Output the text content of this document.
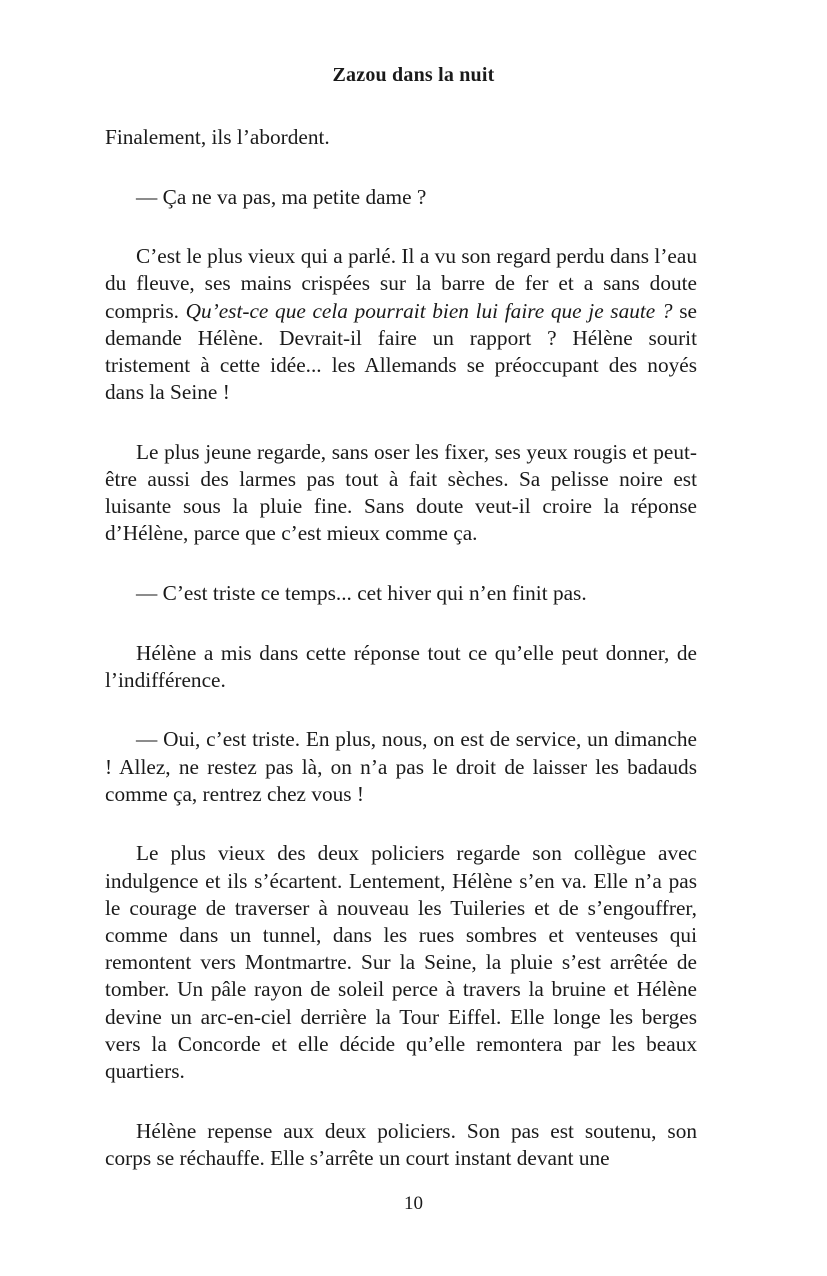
Zazou dans la nuit

Finalement, ils l’abordent.

— Ça ne va pas, ma petite dame ?

C’est le plus vieux qui a parlé. Il a vu son regard perdu dans l’eau du fleuve, ses mains crispées sur la barre de fer et a sans doute compris. Qu’est-ce que cela pourrait bien lui faire que je saute ? se demande Hélène. Devrait-il faire un rapport ? Hélène sourit tristement à cette idée... les Allemands se préoccupant des noyés dans la Seine !

Le plus jeune regarde, sans oser les fixer, ses yeux rougis et peut-être aussi des larmes pas tout à fait sèches. Sa pelisse noire est luisante sous la pluie fine. Sans doute veut-il croire la réponse d’Hélène, parce que c’est mieux comme ça.

— C’est triste ce temps... cet hiver qui n’en finit pas.

Hélène a mis dans cette réponse tout ce qu’elle peut donner, de l’indifférence.

— Oui, c’est triste. En plus, nous, on est de service, un dimanche ! Allez, ne restez pas là, on n’a pas le droit de laisser les badauds comme ça, rentrez chez vous !

Le plus vieux des deux policiers regarde son collègue avec indulgence et ils s’écartent. Lentement, Hélène s’en va. Elle n’a pas le courage de traverser à nouveau les Tuileries et de s’engouffrer, comme dans un tunnel, dans les rues sombres et venteuses qui remontent vers Montmartre. Sur la Seine, la pluie s’est arrêtée de tomber. Un pâle rayon de soleil perce à travers la bruine et Hélène devine un arc-en-ciel derrière la Tour Eiffel. Elle longe les berges vers la Concorde et elle décide qu’elle remontera par les beaux quartiers.

Hélène repense aux deux policiers. Son pas est soutenu, son corps se réchauffe. Elle s’arrête un court instant devant une

10
